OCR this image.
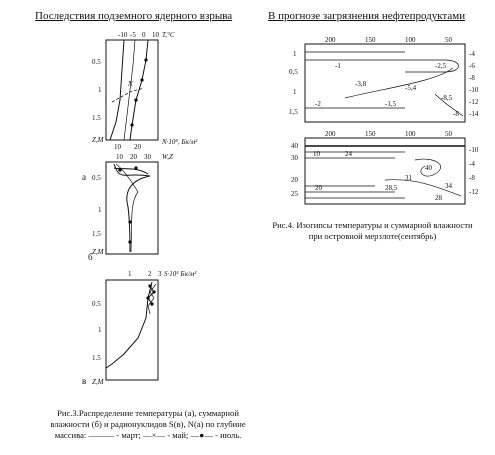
Последствия подземного ядерного взрыва	В прогнозе загрязнения нефтепродуктами
-10 -5 0 10 T,°C
0.5
1
1.5
Z,M	N·10⁵, Бк/м²
10 20
N
а
10 20 30 W,Z
0.5
1
1.5
Z,M
б
1 2 3 S·10⁵ Бк/м²
0.5
1
1.5
Z,M
в
Рис.3.Распределение температуры (а), суммарной
влажности (б) и радионуклидов S(в), N(а) по глубине
массива: ——— - март; —×— - май; —●— - июль.
200	150	100	50
1
0,5
1
1,5
-4
-6
-8
-10
-12
-14
-1	-2,5
-3,8	-5,4
-2
-8,5
-1,5
-8
200	150	100	50
40
30
20
25
-10
-4
-8
-12
10	24
40
20	28,5
31
34
28
Рис.4. Изогипсы температуры и суммарной влажности
при островной мерзлоте(сентябрь)
